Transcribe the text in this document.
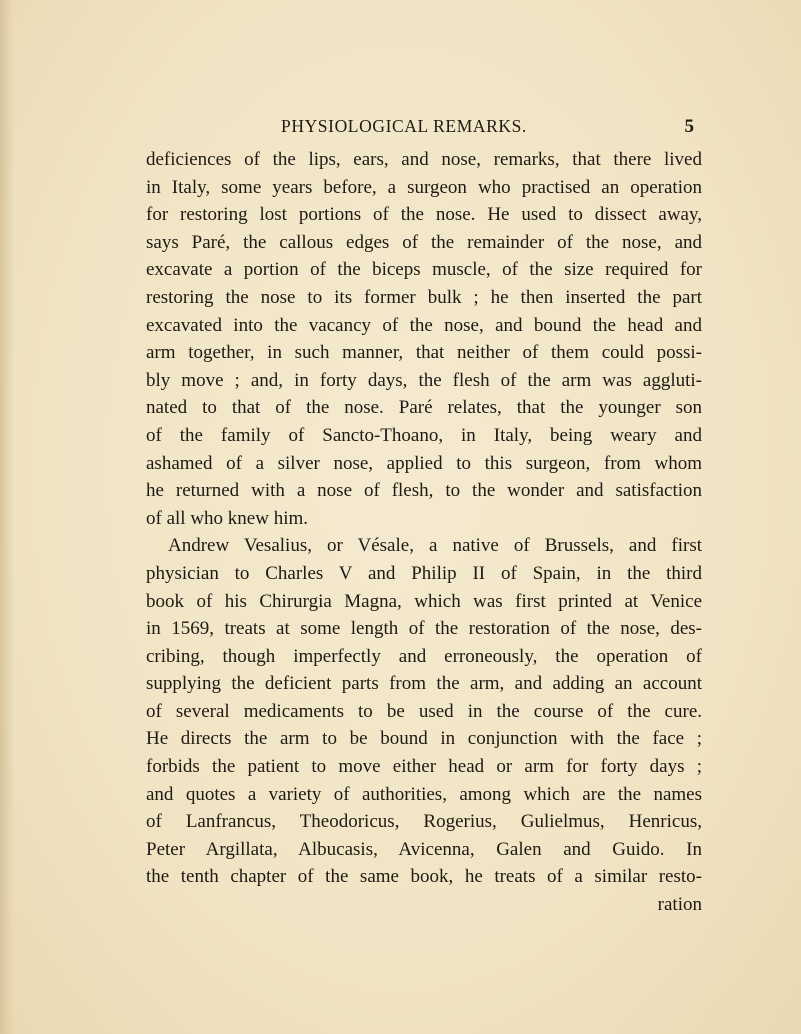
PHYSIOLOGICAL REMARKS.	5
deficiences of the lips, ears, and nose, remarks, that there lived
in Italy, some years before, a surgeon who practised an operation
for restoring lost portions of the nose. He used to dissect away,
says Paré, the callous edges of the remainder of the nose, and
excavate a portion of the biceps muscle, of the size required for
restoring the nose to its former bulk ; he then inserted the part
excavated into the vacancy of the nose, and bound the head and
arm together, in such manner, that neither of them could possi-
bly move ; and, in forty days, the flesh of the arm was aggluti-
nated to that of the nose. Paré relates, that the younger son
of the family of Sancto-Thoano, in Italy, being weary and
ashamed of a silver nose, applied to this surgeon, from whom
he returned with a nose of flesh, to the wonder and satisfaction
of all who knew him.
Andrew Vesalius, or Vésale, a native of Brussels, and first
physician to Charles V and Philip II of Spain, in the third
book of his Chirurgia Magna, which was first printed at Venice
in 1569, treats at some length of the restoration of the nose, des-
cribing, though imperfectly and erroneously, the operation of
supplying the deficient parts from the arm, and adding an account
of several medicaments to be used in the course of the cure.
He directs the arm to be bound in conjunction with the face ;
forbids the patient to move either head or arm for forty days ;
and quotes a variety of authorities, among which are the names
of Lanfrancus, Theodoricus, Rogerius, Gulielmus, Henricus,
Peter Argillata, Albucasis, Avicenna, Galen and Guido. In
the tenth chapter of the same book, he treats of a similar resto-
ration
